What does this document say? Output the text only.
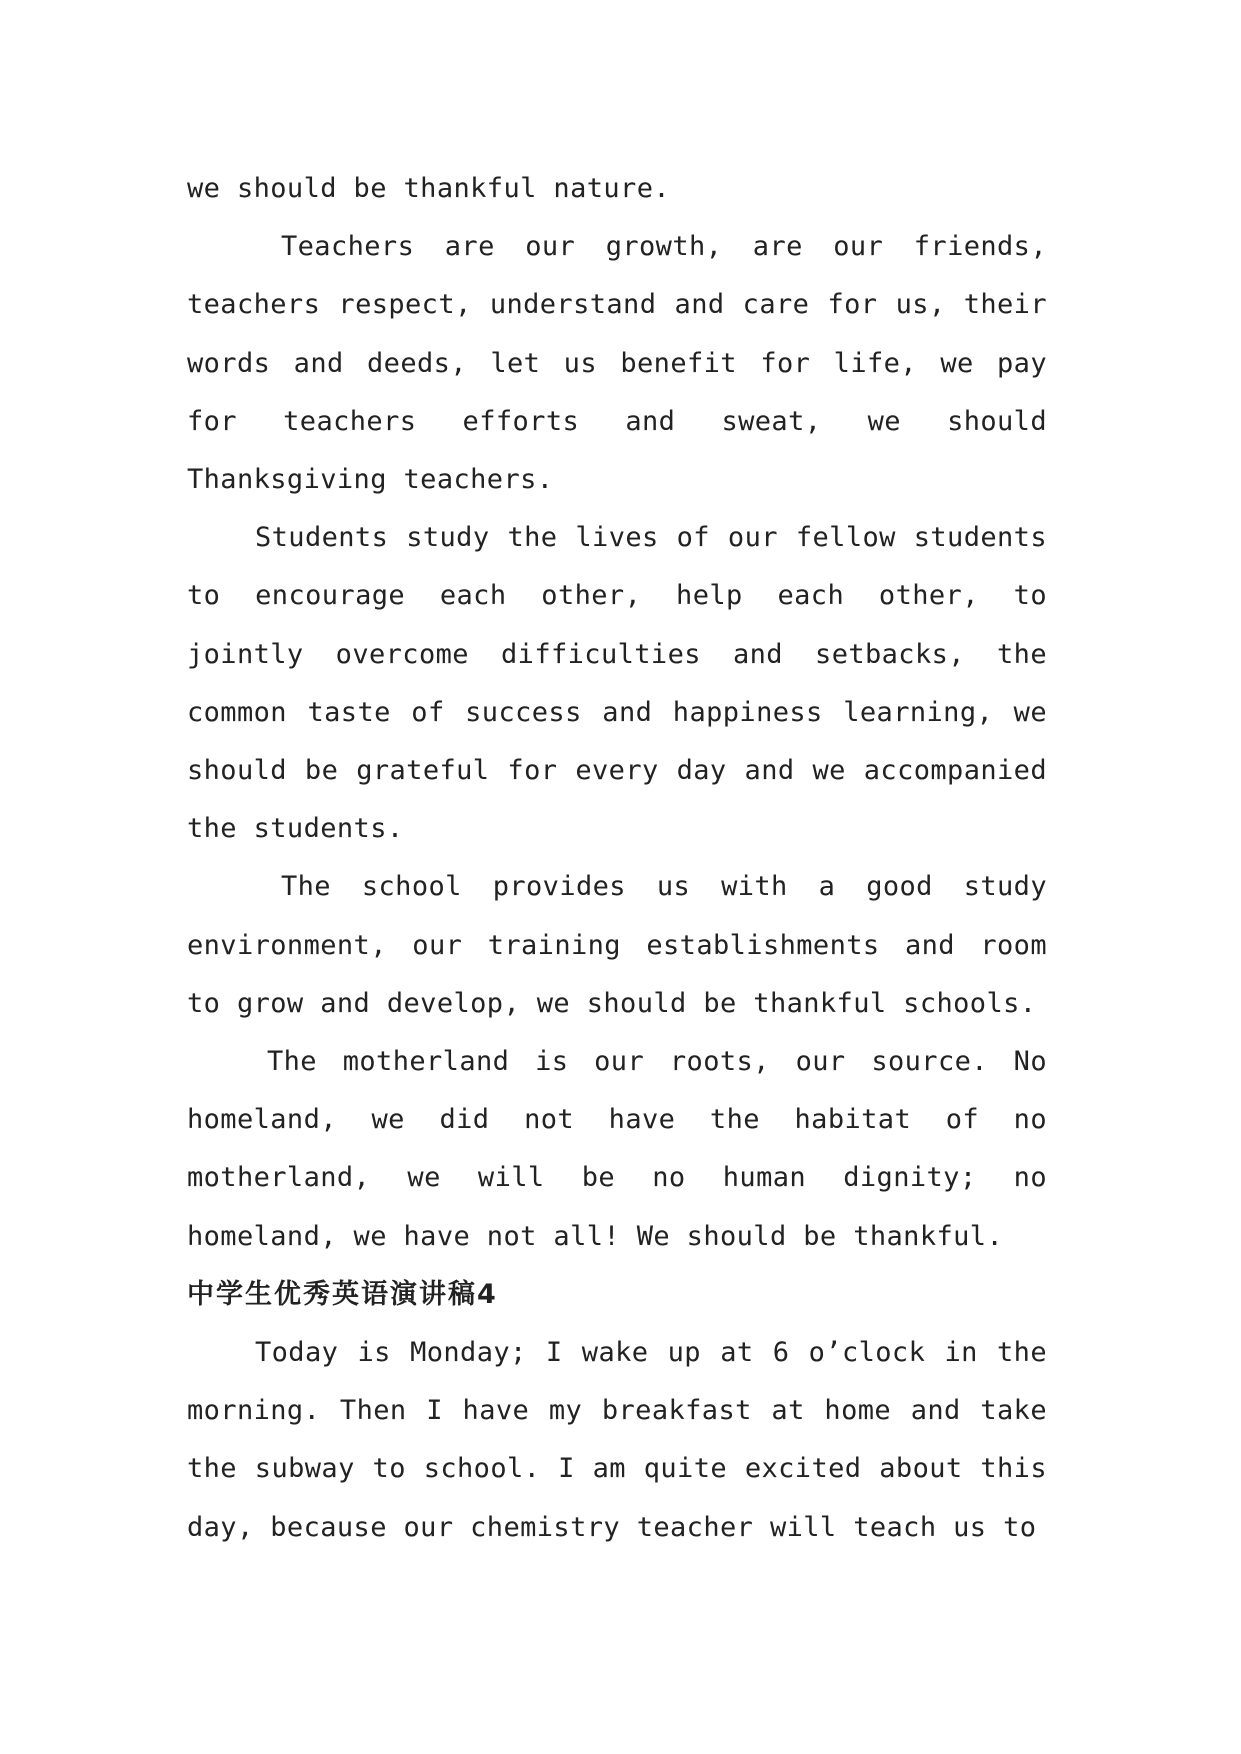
we should be thankful nature.

Teachers are our growth, are our friends, teachers respect, understand and care for us, their words and deeds, let us benefit for life, we pay for teachers efforts and sweat, we should Thanksgiving teachers.

Students study the lives of our fellow students to encourage each other, help each other, to jointly overcome difficulties and setbacks, the common taste of success and happiness learning, we should be grateful for every day and we accompanied the students.

The school provides us with a good study environment, our training establishments and room to grow and develop, we should be thankful schools.

The motherland is our roots, our source. No homeland, we did not have the habitat of no motherland, we will be no human dignity; no homeland, we have not all! We should be thankful.

中学生优秀英语演讲稿4

Today is Monday; I wake up at 6 o’clock in the morning. Then I have my breakfast at home and take the subway to school. I am quite excited about this day, because our chemistry teacher will teach us to
